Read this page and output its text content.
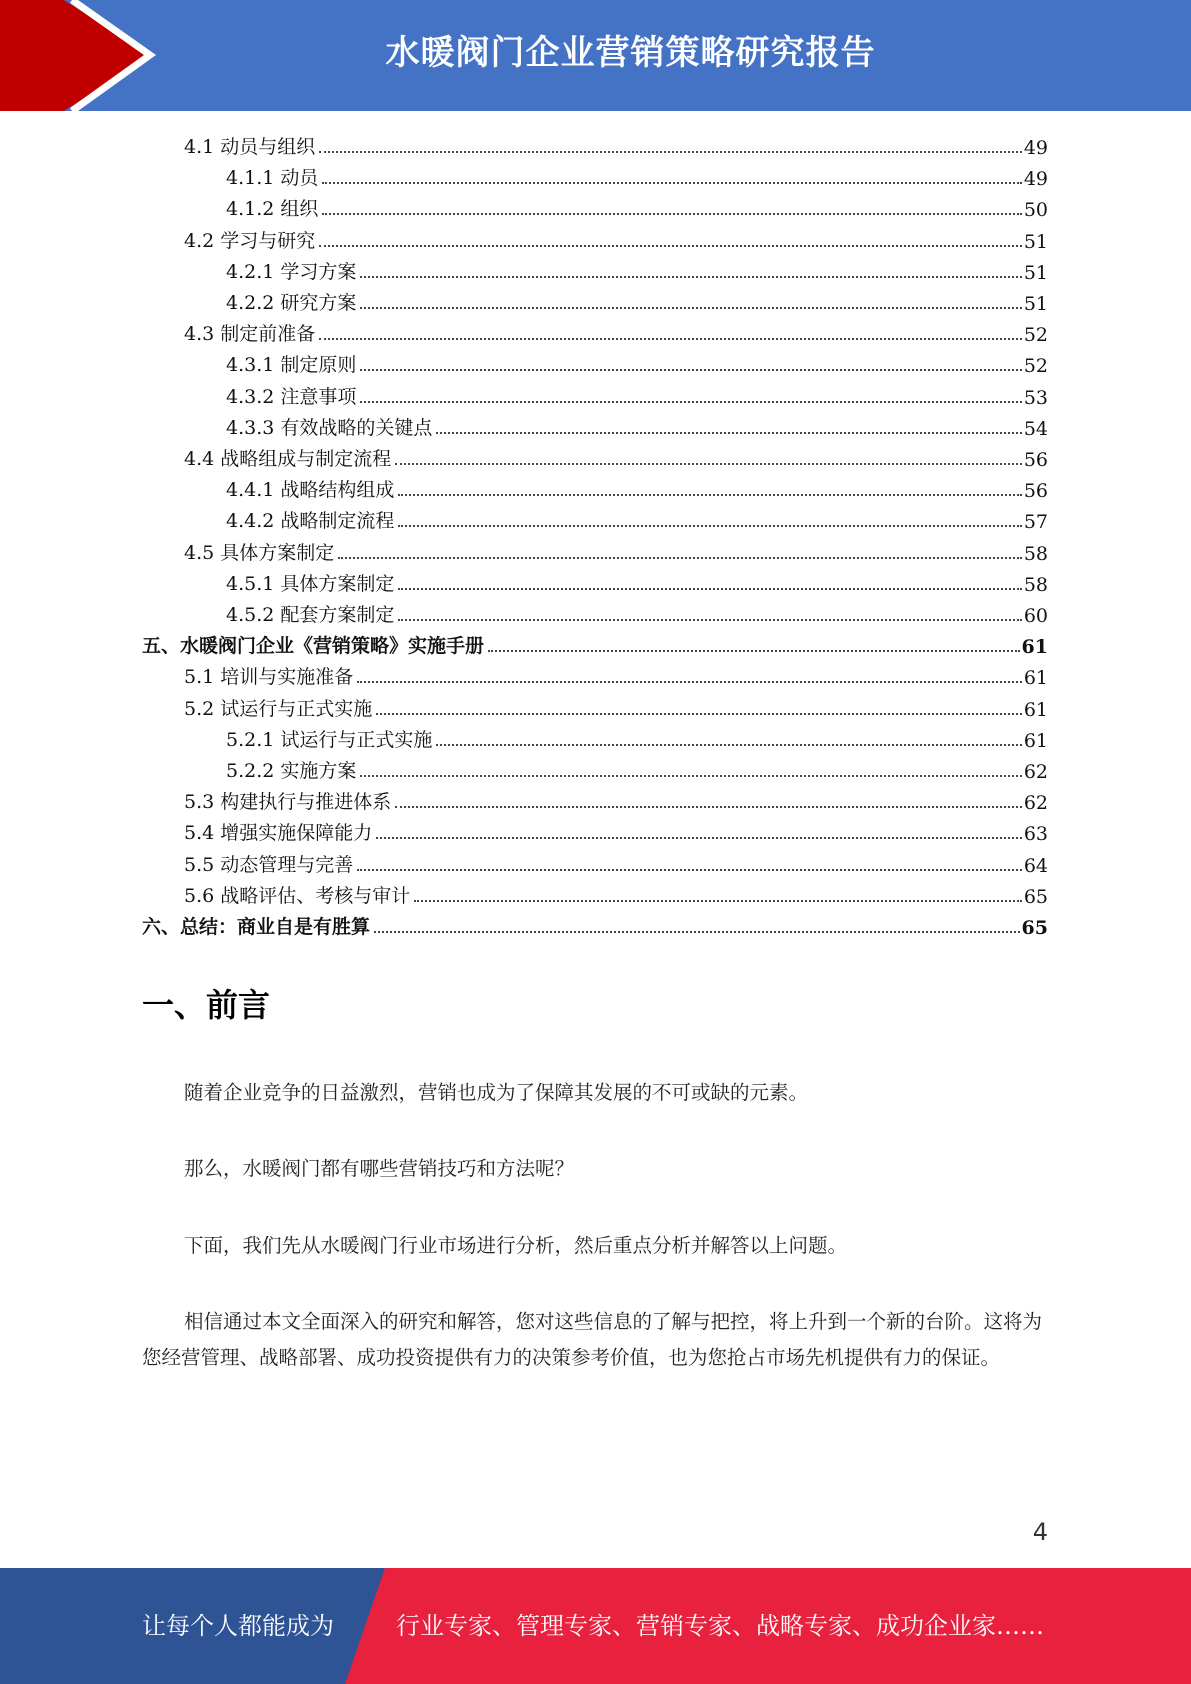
水暖阀门企业营销策略研究报告
4.1 动员与组织	49
4.1.1 动员	49
4.1.2 组织	50
4.2 学习与研究	51
4.2.1 学习方案	51
4.2.2 研究方案	51
4.3 制定前准备	52
4.3.1 制定原则	52
4.3.2 注意事项	53
4.3.3 有效战略的关键点	54
4.4 战略组成与制定流程	56
4.4.1 战略结构组成	56
4.4.2 战略制定流程	57
4.5 具体方案制定	58
4.5.1 具体方案制定	58
4.5.2 配套方案制定	60
五、水暖阀门企业《营销策略》实施手册	61
5.1 培训与实施准备	61
5.2 试运行与正式实施	61
5.2.1 试运行与正式实施	61
5.2.2 实施方案	62
5.3 构建执行与推进体系	62
5.4 增强实施保障能力	63
5.5 动态管理与完善	64
5.6 战略评估、考核与审计	65
六、总结：商业自是有胜算	65
一、前言

随着企业竞争的日益激烈，营销也成为了保障其发展的不可或缺的元素。

那么，水暖阀门都有哪些营销技巧和方法呢？

下面，我们先从水暖阀门行业市场进行分析，然后重点分析并解答以上问题。

相信通过本文全面深入的研究和解答，您对这些信息的了解与把控，将上升到一个新的台阶。这将为您经营管理、战略部署、成功投资提供有力的决策参考价值，也为您抢占市场先机提供有力的保证。

4
让每个人都能成为	行业专家、管理专家、营销专家、战略专家、成功企业家……
